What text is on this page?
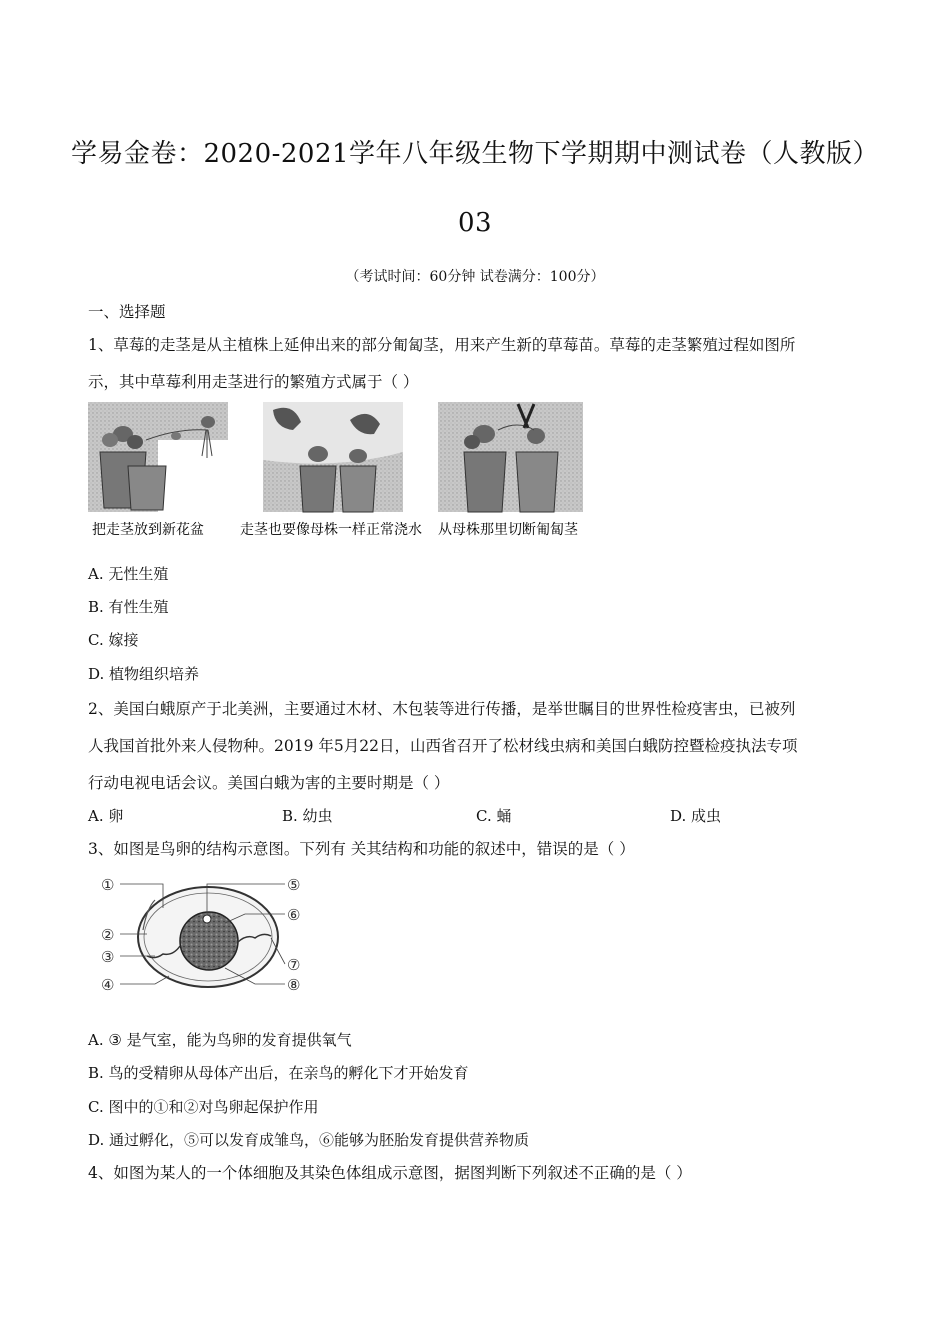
学易金卷：2020-2021学年八年级生物下学期期中测试卷（人教版）
03
（考试时间：60分钟 试卷满分：100分）
一、选择题
1、草莓的走茎是从主植株上延伸出来的部分匍匐茎，用来产生新的草莓苗。草莓的走茎繁殖过程如图所
示，其中草莓利用走茎进行的繁殖方式属于（ ）
把走茎放到新花盆	走茎也要像母株一样正常浇水 从母株那里切断匍匐茎
A. 无性生殖
B. 有性生殖
C. 嫁接
D. 植物组织培养
2、美国白蛾原产于北美洲，主要通过木材、木包装等进行传播，是举世瞩目的世界性检疫害虫，已被列
人我国首批外来人侵物种。2019 年5月22日，山西省召开了松材线虫病和美国白蛾防控暨检疫执法专项
行动电视电话会议。美国白蛾为害的主要时期是（ ）
A. 卵	B. 幼虫	C. 蛹	D. 成虫
3、如图是鸟卵的结构示意图。下列有 关其结构和功能的叙述中，错误的是（ ）
①
②
③
④
⑤
⑥
⑦
⑧
A. ③ 是气室，能为鸟卵的发育提供氧气
B. 鸟的受精卵从母体产出后，在亲鸟的孵化下才开始发育
C. 图中的①和②对鸟卵起保护作用
D. 通过孵化，⑤可以发育成雏鸟，⑥能够为胚胎发育提供营养物质
4、如图为某人的一个体细胞及其染色体组成示意图，据图判断下列叙述不正确的是（ ）
